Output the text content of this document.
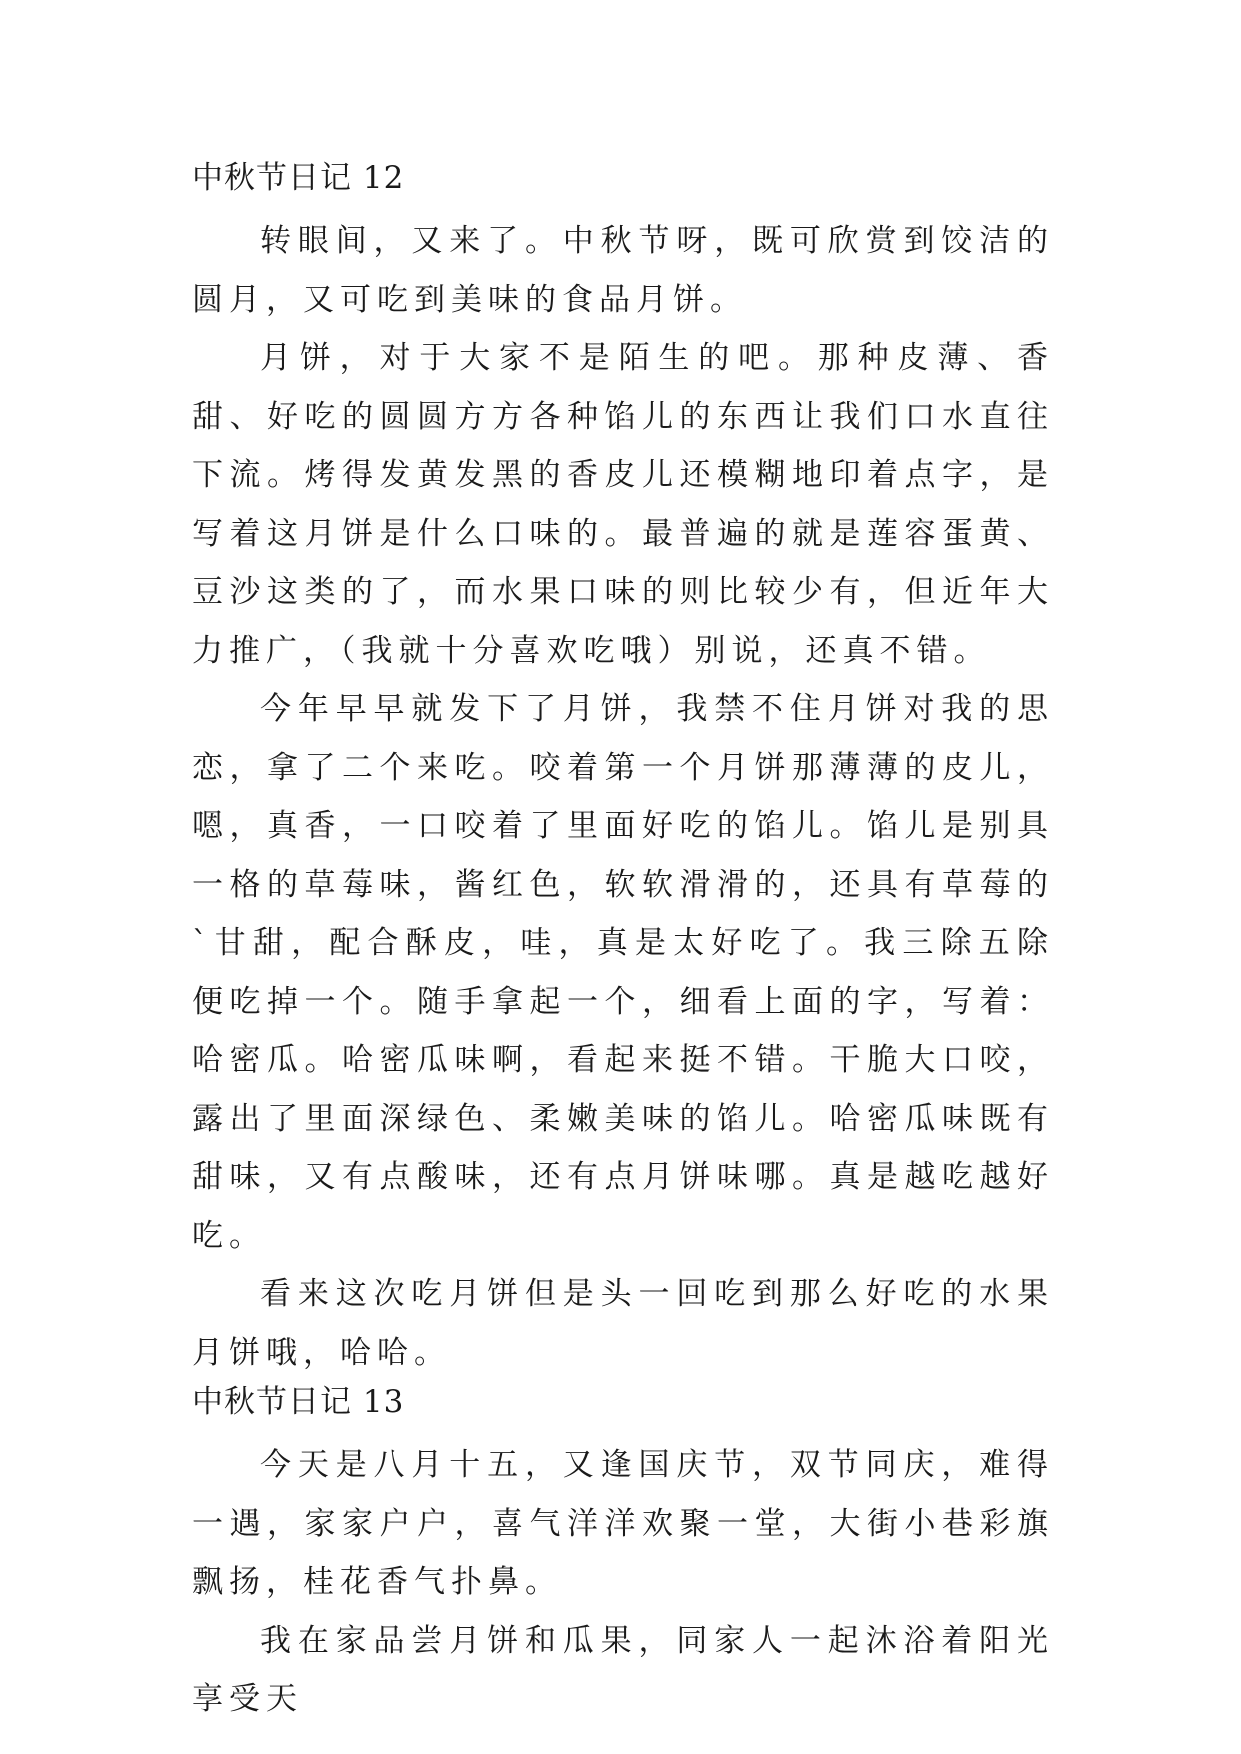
中秋节日记 12

转眼间，又来了。中秋节呀，既可欣赏到饺洁的圆月，又可吃到美味的食品月饼。

月饼，对于大家不是陌生的吧。那种皮薄、香甜、好吃的圆圆方方各种馅儿的东西让我们口水直往下流。烤得发黄发黑的香皮儿还模糊地印着点字，是写着这月饼是什么口味的。最普遍的就是莲容蛋黄、豆沙这类的了，而水果口味的则比较少有，但近年大力推广，（我就十分喜欢吃哦）别说，还真不错。

今年早早就发下了月饼，我禁不住月饼对我的思恋，拿了二个来吃。咬着第一个月饼那薄薄的皮儿，嗯，真香，一口咬着了里面好吃的馅儿。馅儿是别具一格的草莓味，酱红色，软软滑滑的，还具有草莓的`甘甜，配合酥皮，哇，真是太好吃了。我三除五除便吃掉一个。随手拿起一个，细看上面的字，写着：哈密瓜。哈密瓜味啊，看起来挺不错。干脆大口咬，露出了里面深绿色、柔嫩美味的馅儿。哈密瓜味既有甜味，又有点酸味，还有点月饼味哪。真是越吃越好吃。

看来这次吃月饼但是头一回吃到那么好吃的水果月饼哦，哈哈。

中秋节日记 13

今天是八月十五，又逢国庆节，双节同庆，难得一遇，家家户户，喜气洋洋欢聚一堂，大街小巷彩旗飘扬，桂花香气扑鼻。

我在家品尝月饼和瓜果，同家人一起沐浴着阳光享受天
